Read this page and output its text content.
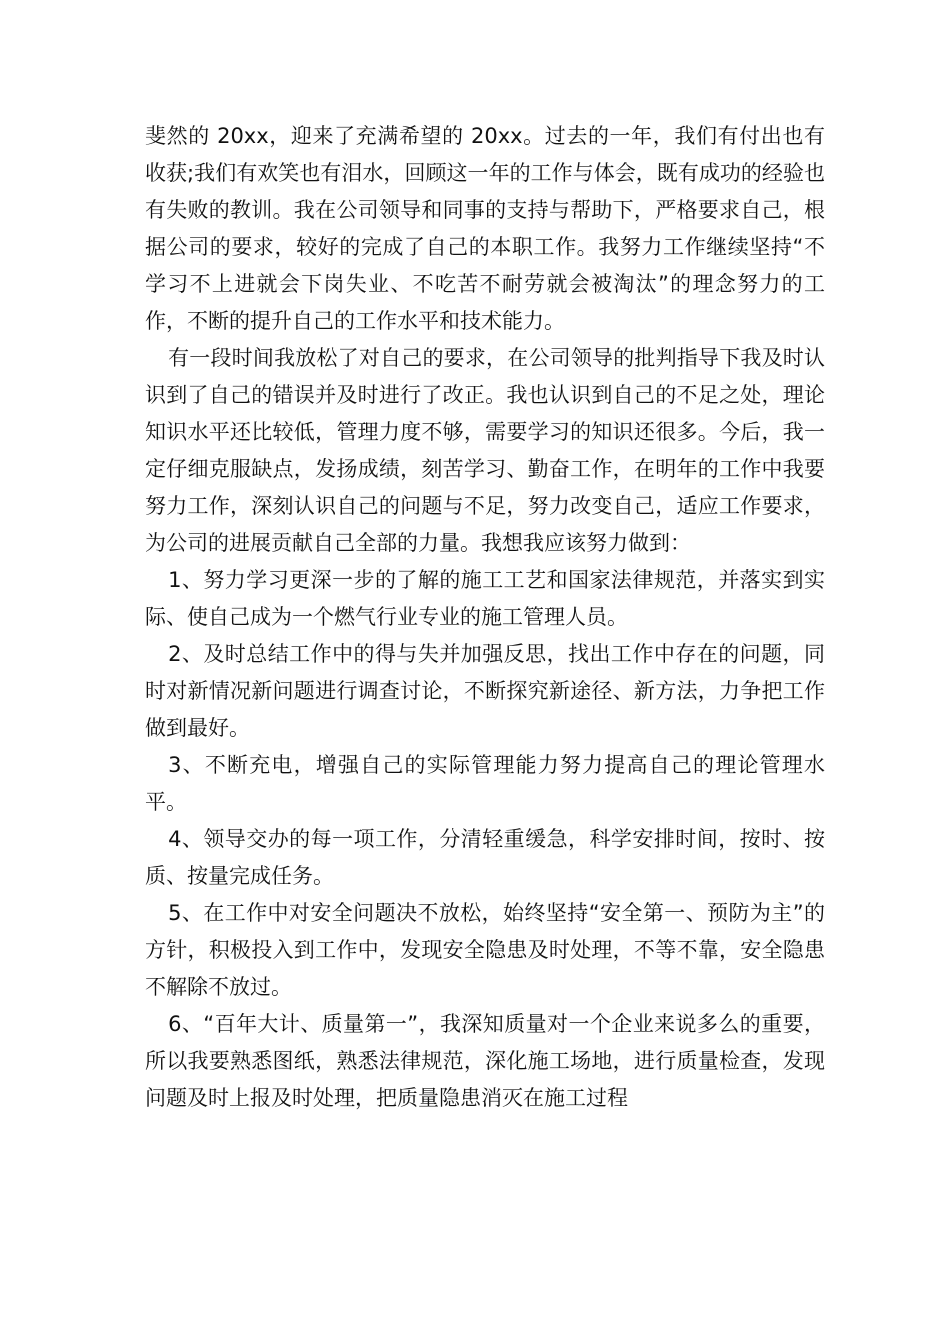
斐然的 20xx，迎来了充满希望的 20xx。过去的一年，我们有付出也有收获;我们有欢笑也有泪水，回顾这一年的工作与体会，既有成功的经验也有失败的教训。我在公司领导和同事的支持与帮助下，严格要求自己，根据公司的要求，较好的完成了自己的本职工作。我努力工作继续坚持“不学习不上进就会下岗失业、不吃苦不耐劳就会被淘汰”的理念努力的工作，不断的提升自己的工作水平和技术能力。

有一段时间我放松了对自己的要求，在公司领导的批判指导下我及时认识到了自己的错误并及时进行了改正。我也认识到自己的不足之处，理论知识水平还比较低，管理力度不够，需要学习的知识还很多。今后，我一定仔细克服缺点，发扬成绩，刻苦学习、勤奋工作，在明年的工作中我要努力工作，深刻认识自己的问题与不足，努力改变自己，适应工作要求，为公司的进展贡献自己全部的力量。我想我应该努力做到：

1、努力学习更深一步的了解的施工工艺和国家法律规范，并落实到实际、使自己成为一个燃气行业专业的施工管理人员。

2、及时总结工作中的得与失并加强反思，找出工作中存在的问题，同时对新情况新问题进行调查讨论，不断探究新途径、新方法，力争把工作做到最好。

3、不断充电，增强自己的实际管理能力努力提高自己的理论管理水平。

4、领导交办的每一项工作，分清轻重缓急，科学安排时间，按时、按质、按量完成任务。

5、在工作中对安全问题决不放松，始终坚持“安全第一、预防为主”的方针，积极投入到工作中，发现安全隐患及时处理，不等不靠，安全隐患不解除不放过。

6、“百年大计、质量第一”，我深知质量对一个企业来说多么的重要，所以我要熟悉图纸，熟悉法律规范，深化施工场地，进行质量检查，发现问题及时上报及时处理，把质量隐患消灭在施工过程
